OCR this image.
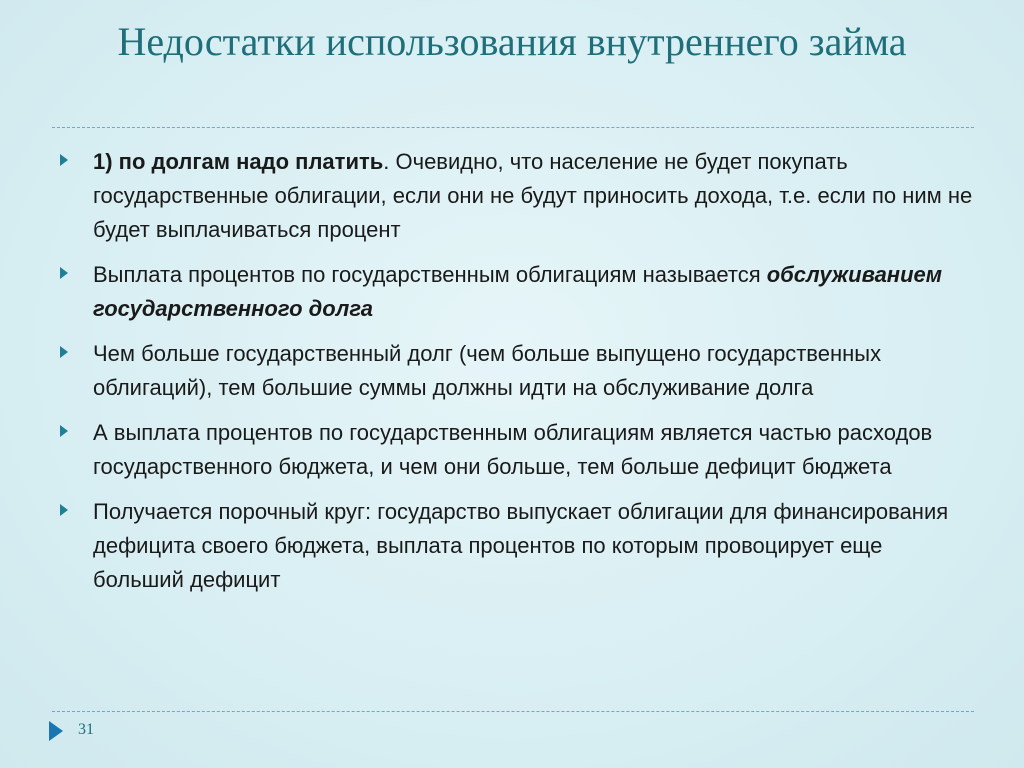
Недостатки использования внутреннего займа
1) по долгам надо платить. Очевидно, что население не будет покупать государственные облигации, если они не будут приносить дохода, т.е. если по ним не будет выплачиваться процент
Выплата процентов по государственным облигациям называется обслуживанием государственного долга
Чем больше государственный долг (чем больше выпущено государственных облигаций), тем большие суммы должны идти на обслуживание долга
А выплата процентов по государственным облигациям является частью расходов государственного бюджета, и чем они больше, тем больше дефицит бюджета
Получается порочный круг: государство выпускает облигации для финансирования дефицита своего бюджета, выплата процентов по которым провоцирует еще больший дефицит
31
